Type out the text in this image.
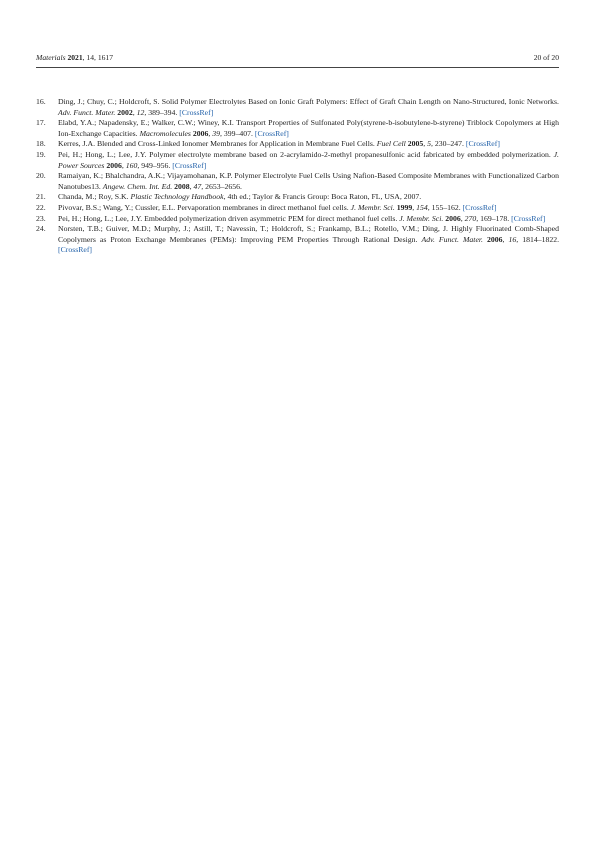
Materials 2021, 14, 1617	20 of 20
16.	Ding, J.; Chuy, C.; Holdcroft, S. Solid Polymer Electrolytes Based on Ionic Graft Polymers: Effect of Graft Chain Length on Nano-Structured, Ionic Networks. Adv. Funct. Mater. 2002, 12, 389–394. [CrossRef]
17.	Elabd, Y.A.; Napadensky, E.; Walker, C.W.; Winey, K.I. Transport Properties of Sulfonated Poly(styrene-b-isobutylene-b-styrene) Triblock Copolymers at High Ion-Exchange Capacities. Macromolecules 2006, 39, 399–407. [CrossRef]
18.	Kerres, J.A. Blended and Cross-Linked Ionomer Membranes for Application in Membrane Fuel Cells. Fuel Cell 2005, 5, 230–247. [CrossRef]
19.	Pei, H.; Hong, L.; Lee, J.Y. Polymer electrolyte membrane based on 2-acrylamido-2-methyl propanesulfonic acid fabricated by embedded polymerization. J. Power Sources 2006, 160, 949–956. [CrossRef]
20.	Ramaiyan, K.; Bhalchandra, A.K.; Vijayamohanan, K.P. Polymer Electrolyte Fuel Cells Using Nafion-Based Composite Membranes with Functionalized Carbon Nanotubes13. Angew. Chem. Int. Ed. 2008, 47, 2653–2656.
21.	Chanda, M.; Roy, S.K. Plastic Technology Handbook, 4th ed.; Taylor & Francis Group: Boca Raton, FL, USA, 2007.
22.	Pivovar, B.S.; Wang, Y.; Cussler, E.L. Pervaporation membranes in direct methanol fuel cells. J. Membr. Sci. 1999, 154, 155–162. [CrossRef]
23.	Pei, H.; Hong, L.; Lee, J.Y. Embedded polymerization driven asymmetric PEM for direct methanol fuel cells. J. Membr. Sci. 2006, 270, 169–178. [CrossRef]
24.	Norsten, T.B.; Guiver, M.D.; Murphy, J.; Astill, T.; Navessin, T.; Holdcroft, S.; Frankamp, B.L.; Rotello, V.M.; Ding, J. Highly Fluorinated Comb-Shaped Copolymers as Proton Exchange Membranes (PEMs): Improving PEM Properties Through Rational Design. Adv. Funct. Mater. 2006, 16, 1814–1822. [CrossRef]
